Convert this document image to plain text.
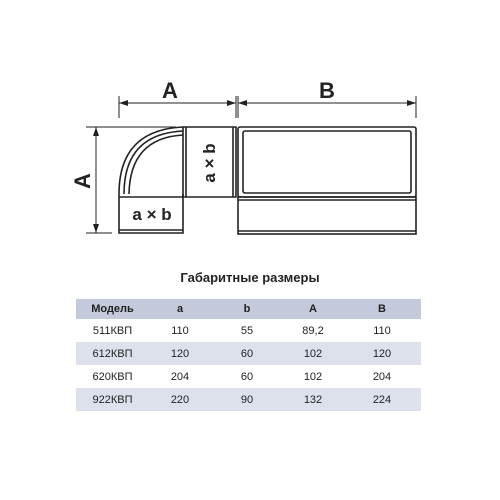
A	B
A
a × b
a × b
Габаритные размеры
Модель	a	b	A	B
511КВП	110	55	89,2	110
612КВП	120	60	102	120
620КВП	204	60	102	204
922КВП	220	90	132	224
